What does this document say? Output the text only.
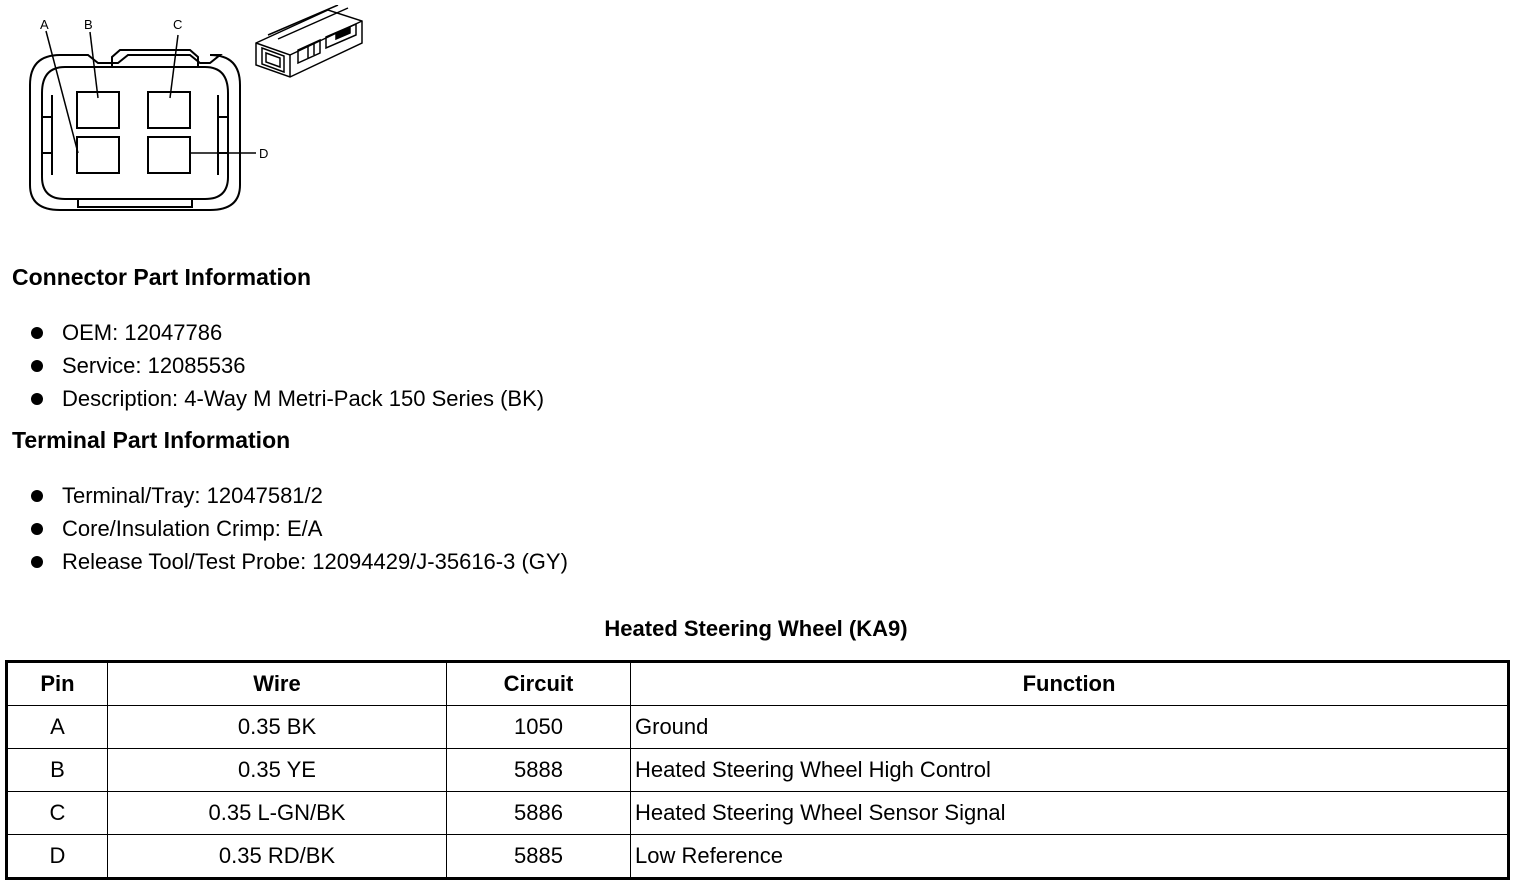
A	B	C
D
Connector Part Information
OEM: 12047786
Service: 12085536
Description: 4-Way M Metri-Pack 150 Series (BK)
Terminal Part Information
Terminal/Tray: 12047581/2
Core/Insulation Crimp: E/A
Release Tool/Test Probe: 12094429/J-35616-3 (GY)
Heated Steering Wheel (KA9)
Pin	Wire	Circuit	Function
A	0.35 BK	1050	Ground
B	0.35 YE	5888	Heated Steering Wheel High Control
C	0.35 L-GN/BK	5886	Heated Steering Wheel Sensor Signal
D	0.35 RD/BK	5885	Low Reference
